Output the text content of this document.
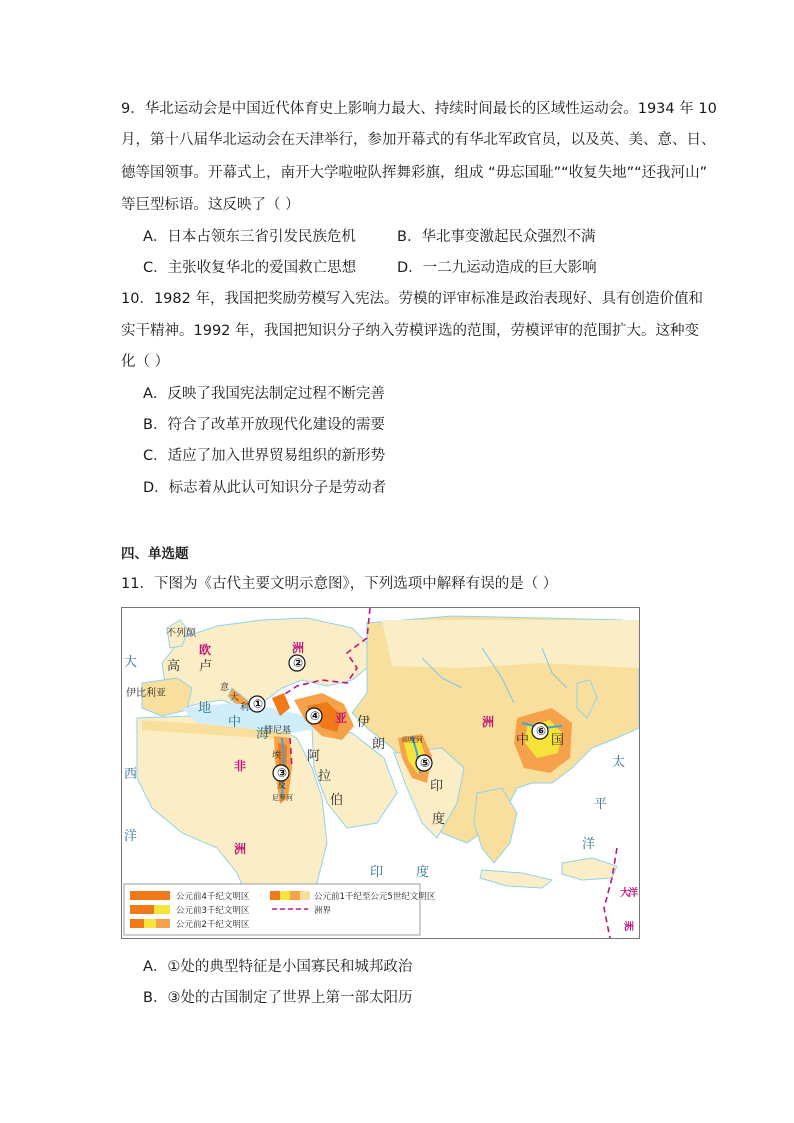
9．华北运动会是中国近代体育史上影响力最大、持续时间最长的区域性运动会。1934 年 10
月，第十八届华北运动会在天津举行，参加开幕式的有华北军政官员，以及英、美、意、日、
德等国领事。开幕式上，南开大学啦啦队挥舞彩旗，组成 “毋忘国耻”“收复失地”“还我河山”
等巨型标语。这反映了（ ）
A．日本占领东三省引发民族危机	B．华北事变激起民众强烈不满
C．主张收复华北的爱国救亡思想	D．一二九运动造成的巨大影响
10．1982 年，我国把奖励劳模写入宪法。劳模的评审标准是政治表现好、具有创造价值和
实干精神。1992 年，我国把知识分子纳入劳模评选的范围，劳模评审的范围扩大。这种变
化（ ）
A．反映了我国宪法制定过程不断完善
B．符合了改革开放现代化建设的需要
C．适应了加入世界贸易组织的新形势
D．标志着从此认可知识分子是劳动者
四、单选题
11．下图为《古代主要文明示意图》，下列选项中解释有误的是（ ）
不列颠
欧	洲
大
西
洋
高 卢
意
大
利
伊比利亚
地
中
海
非
洲
腓尼基
埃
及
尼罗河
阿
拉
伯
亚	洲
伊
朗 印度河
印
度
印	度
中 国
太
平
洋
大
洋
洲
①
②
③
④
⑤
⑥
公元前4千纪文明区
公元前3千纪文明区
公元前2千纪文明区
公元前1千纪至公元5世纪文明区
洲界
A．①处的典型特征是小国寡民和城邦政治
B．③处的古国制定了世界上第一部太阳历
